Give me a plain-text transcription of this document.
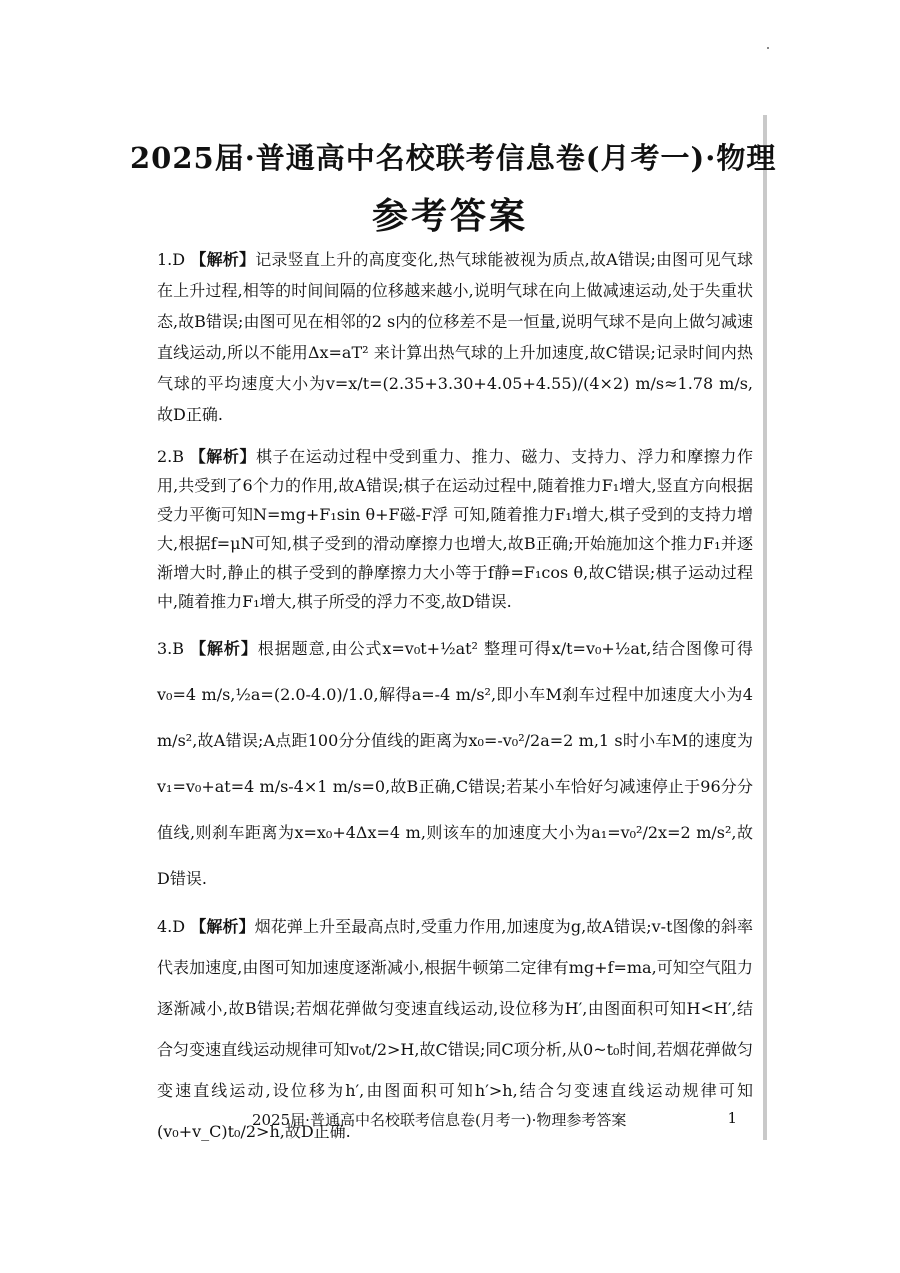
2025届·普通高中名校联考信息卷(月考一)·物理
参考答案

1.D 【解析】记录竖直上升的高度变化,热气球能被视为质点,故A错误;由图可见气球在上升过程,相等的时间间隔的位移越来越小,说明气球在向上做减速运动,处于失重状态,故B错误;由图可见在相邻的2 s内的位移差不是一恒量,说明气球不是向上做匀减速直线运动,所以不能用Δx=aT² 来计算出热气球的上升加速度,故C错误;记录时间内热气球的平均速度大小为v=x/t=(2.35+3.30+4.05+4.55)/(4×2) m/s≈1.78 m/s,故D正确.

2.B 【解析】棋子在运动过程中受到重力、推力、磁力、支持力、浮力和摩擦力作用,共受到了6个力的作用,故A错误;棋子在运动过程中,随着推力F₁增大,竖直方向根据受力平衡可知N=mg+F₁sin θ+F磁-F浮 可知,随着推力F₁增大,棋子受到的支持力增大,根据f=μN可知,棋子受到的滑动摩擦力也增大,故B正确;开始施加这个推力F₁并逐渐增大时,静止的棋子受到的静摩擦力大小等于f静=F₁cos θ,故C错误;棋子运动过程中,随着推力F₁增大,棋子所受的浮力不变,故D错误.

3.B 【解析】根据题意,由公式x=v₀t+½at² 整理可得x/t=v₀+½at,结合图像可得v₀=4 m/s,½a=(2.0-4.0)/1.0,解得a=-4 m/s²,即小车M刹车过程中加速度大小为4 m/s²,故A错误;A点距100分分值线的距离为x₀=-v₀²/2a=2 m,1 s时小车M的速度为v₁=v₀+at=4 m/s-4×1 m/s=0,故B正确,C错误;若某小车恰好匀减速停止于96分分值线,则刹车距离为x=x₀+4Δx=4 m,则该车的加速度大小为a₁=v₀²/2x=2 m/s²,故D错误.

4.D 【解析】烟花弹上升至最高点时,受重力作用,加速度为g,故A错误;v-t图像的斜率代表加速度,由图可知加速度逐渐减小,根据牛顿第二定律有mg+f=ma,可知空气阻力逐渐减小,故B错误;若烟花弹做匀变速直线运动,设位移为H′,由图面积可知H<H′,结合匀变速直线运动规律可知v₀t/2>H,故C错误;同C项分析,从0~t₀时间,若烟花弹做匀变速直线运动,设位移为h′,由图面积可知h′>h,结合匀变速直线运动规律可知(v₀+v_C)t₀/2>h,故D正确.

2025届·普通高中名校联考信息卷(月考一)·物理参考答案	1
